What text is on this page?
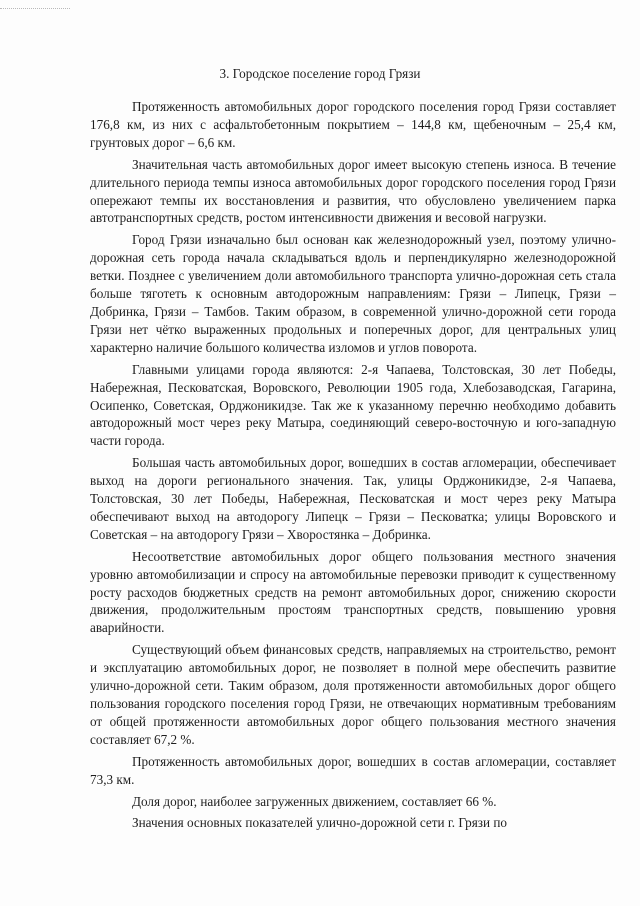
3. Городское поселение город Грязи

Протяженность автомобильных дорог городского поселения город Грязи составляет 176,8 км, из них с асфальтобетонным покрытием – 144,8 км, щебеночным – 25,4 км, грунтовых дорог – 6,6 км.

Значительная часть автомобильных дорог имеет высокую степень износа. В течение длительного периода темпы износа автомобильных дорог городского поселения город Грязи опережают темпы их восстановления и развития, что обусловлено увеличением парка автотранспортных средств, ростом интенсивности движения и весовой нагрузки.

Город Грязи изначально был основан как железнодорожный узел, поэтому улично-дорожная сеть города начала складываться вдоль и перпендикулярно железнодорожной ветки. Позднее с увеличением доли автомобильного транспорта улично-дорожная сеть стала больше тяготеть к основным автодорожным направлениям: Грязи – Липецк, Грязи – Добринка, Грязи – Тамбов. Таким образом, в современной улично-дорожной сети города Грязи нет чётко выраженных продольных и поперечных дорог, для центральных улиц характерно наличие большого количества изломов и углов поворота.

Главными улицами города являются: 2-я Чапаева, Толстовская, 30 лет Победы, Набережная, Песковатская, Воровского, Революции 1905 года, Хлебозаводская, Гагарина, Осипенко, Советская, Орджоникидзе. Так же к указанному перечню необходимо добавить автодорожный мост через реку Матыра, соединяющий северо-восточную и юго-западную части города.

Большая часть автомобильных дорог, вошедших в состав агломерации, обеспечивает выход на дороги регионального значения. Так, улицы Орджоникидзе, 2-я Чапаева, Толстовская, 30 лет Победы, Набережная, Песковатская и мост через реку Матыра обеспечивают выход на автодорогу Липецк – Грязи – Песковатка; улицы Воровского и Советская – на автодорогу Грязи – Хворостянка – Добринка.

Несоответствие автомобильных дорог общего пользования местного значения уровню автомобилизации и спросу на автомобильные перевозки приводит к существенному росту расходов бюджетных средств на ремонт автомобильных дорог, снижению скорости движения, продолжительным простоям транспортных средств, повышению уровня аварийности.

Существующий объем финансовых средств, направляемых на строительство, ремонт и эксплуатацию автомобильных дорог, не позволяет в полной мере обеспечить развитие улично-дорожной сети. Таким образом, доля протяженности автомобильных дорог общего пользования городского поселения город Грязи, не отвечающих нормативным требованиям от общей протяженности автомобильных дорог общего пользования местного значения составляет 67,2 %.

Протяженность автомобильных дорог, вошедших в состав агломерации, составляет 73,3 км.

Доля дорог, наиболее загруженных движением, составляет 66 %.

Значения основных показателей улично-дорожной сети г. Грязи по
